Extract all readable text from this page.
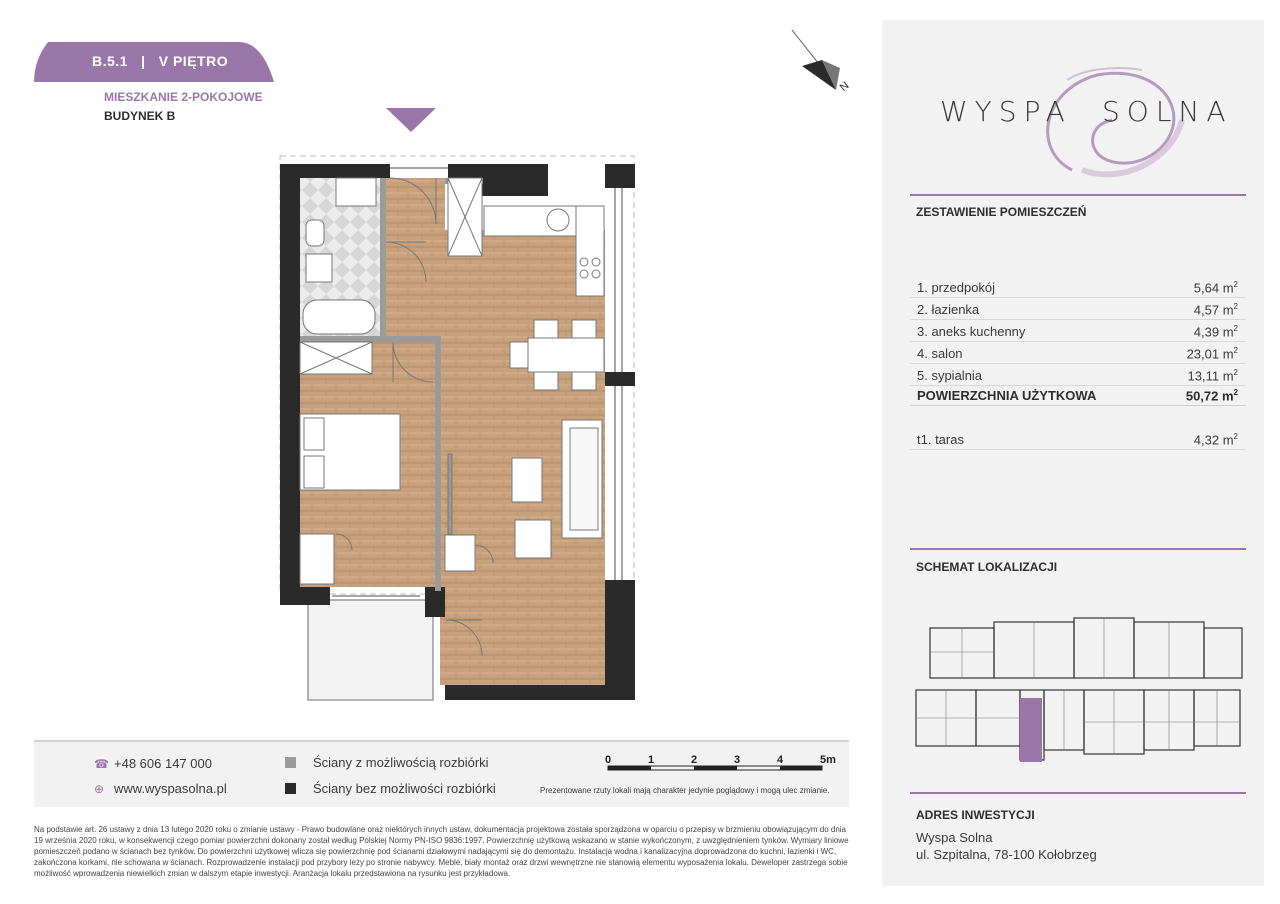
B.5.1 | V PIĘTRO
MIESZKANIE 2-POKOJOWE
BUDYNEK B
N
WYSPA SOLNA
ZESTAWIENIE POMIESZCZEŃ
1. przedpokój	5,64 $m^2$
2. łazienka	4,57 $m^2$
3. aneks kuchenny	4,39 $m^2$
4. salon	23,01 $m^2$
5. sypialnia	13,11 $m^2$
POWIERZCHNIA UŻYTKOWA	50,72 $m^2$
t1. taras	4,32 $m^2$
SCHEMAT LOKALIZACJI
ADRES INWESTYCJI
Wyspa Solna
ul. Szpitalna, 78-100 Kołobrzeg
☎ +48 606 147 000
⊕ www.wyspasolna.pl
Ściany z możliwością rozbiórki
Ściany bez możliwości rozbiórki
0	1	2	3	4	5m
Prezentowane rzuty lokali mają charakter jedynie poglądowy i mogą ulec zmianie.
Na podstawie art. 26 ustawy z dnia 13 lutego 2020 roku o zmianie ustawy - Prawo budowlane oraz niektórych innych ustaw, dokumentacja projektowa została sporządzona w oparciu o przepisy w brzmieniu obowiązującym do dnia 19 września 2020 roku, w konsekwencji czego pomiar powierzchni dokonany został według Polskiej Normy PN-ISO 9836:1997. Powierzchnię użytkową wskazano w stanie wykończonym, z uwzględnieniem tynków. Wymiary liniowe pomieszczeń podano w ścianach bez tynków. Do powierzchni użytkowej wlicza się powierzchnię pod ścianami działowymi nadającymi się do demontażu. Instalacja wodna i kanalizacyjna doprowadzona do kuchni, łazienki i WC, zakończona korkami, nie schowana w ścianach. Rozprowadzenie instalacji pod przybory leży po stronie nabywcy. Meble, biały montaż oraz drzwi wewnętrzne nie stanowią elementu wyposażenia lokalu. Deweloper zastrzega sobie możliwość wprowadzenia niewielkich zmian w dalszym etapie inwestycji. Aranżacja lokalu przedstawiona na rysunku jest przykładowa.
